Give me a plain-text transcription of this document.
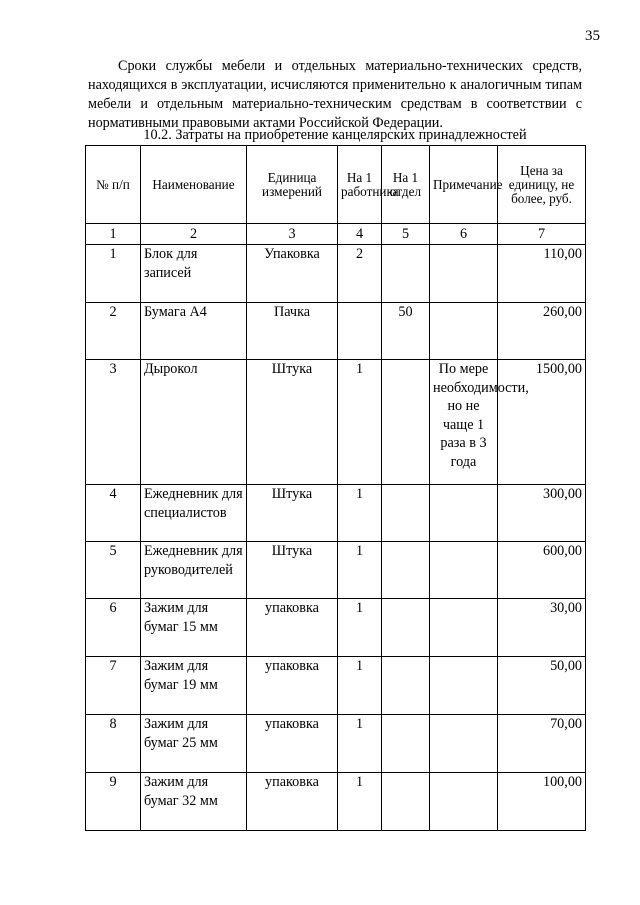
35

Сроки службы мебели и отдельных материально-технических средств, находящихся в эксплуатации, исчисляются применительно к аналогичным типам мебели и отдельным материально-техническим средствам в соответствии с нормативными правовыми актами Российской Федерации.

10.2. Затраты на приобретение канцелярских принадлежностей
№ п/п	Наименование	Единица измерений	На 1 работника	На 1 отдел	Примечание	Цена за единицу, не более, руб.
1	2	3	4	5	6	7
1	Блок для записей	Упаковка	2			110,00
2	Бумага А4	Пачка		50		260,00
3	Дырокол	Штука	1		По мере необходимости, но не чаще 1 раза в 3 года	1500,00
4	Ежедневник для специалистов	Штука	1			300,00
5	Ежедневник для руководителей	Штука	1			600,00
6	Зажим для бумаг 15 мм	упаковка	1			30,00
7	Зажим для бумаг 19 мм	упаковка	1			50,00
8	Зажим для бумаг 25 мм	упаковка	1			70,00
9	Зажим для бумаг 32 мм	упаковка	1			100,00
